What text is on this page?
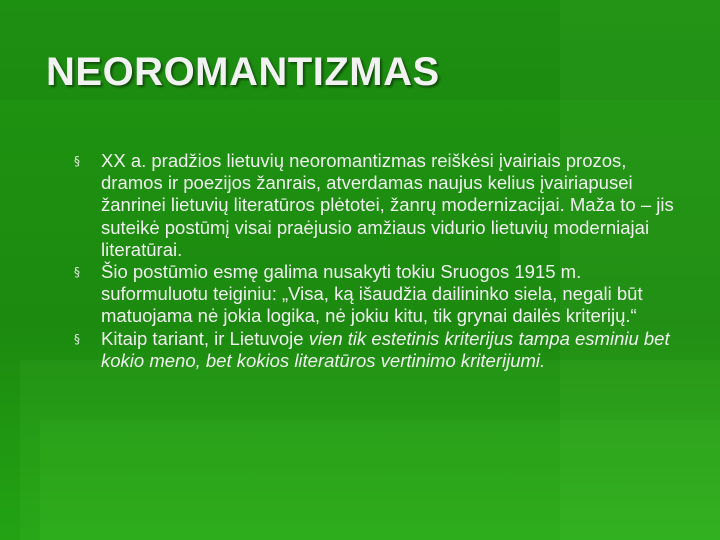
NEOROMANTIZMAS
§ XX a. pradžios lietuvių neoromantizmas reiškėsi įvairiais prozos, dramos ir poezijos žanrais, atverdamas naujus kelius įvairiapusei žanrinei lietuvių literatūros plėtotei, žanrų modernizacijai. Maža to – jis suteikė postūmį visai praėjusio amžiaus vidurio lietuvių moderniajai literatūrai.
§ Šio postūmio esmę galima nusakyti tokiu Sruogos 1915 m. suformuluotu teiginiu: „Visa, ką išaudžia dailininko siela, negali būt matuojama nė jokia logika, nė jokiu kitu, tik grynai dailės kriterijų.“
§ Kitaip tariant, ir Lietuvoje vien tik estetinis kriterijus tampa esminiu bet kokio meno, bet kokios literatūros vertinimo kriterijumi.
